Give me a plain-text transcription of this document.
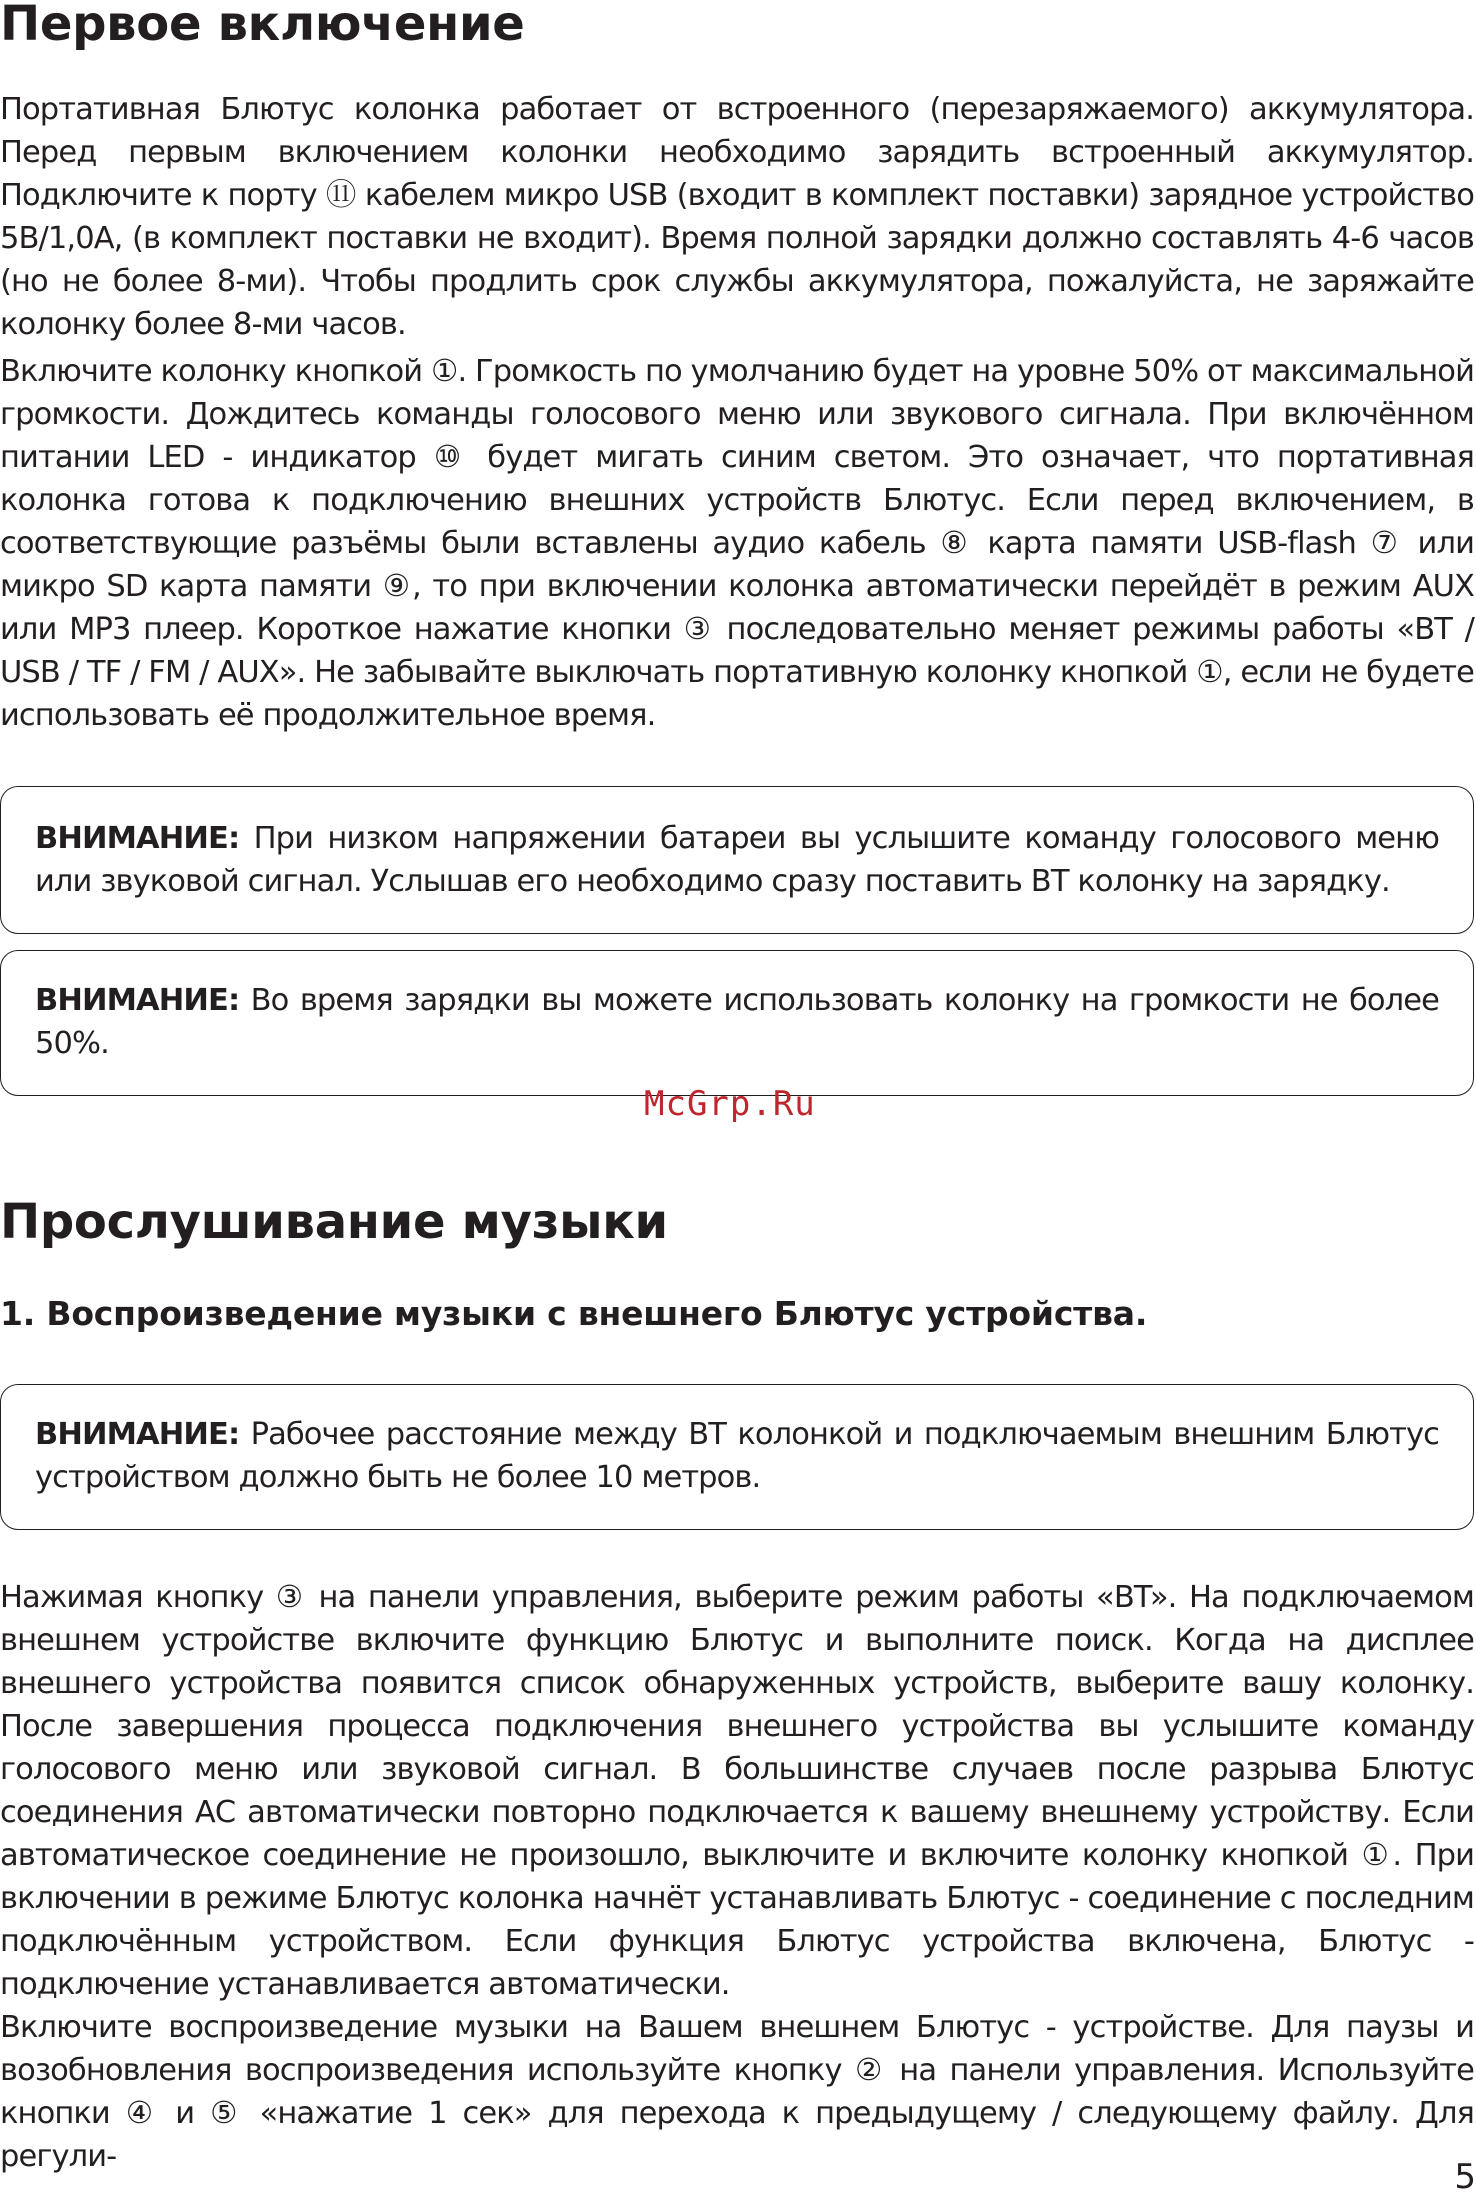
Первое включение

Портативная Блютус колонка работает от встроенного (перезаряжаемого) аккумулятора. Перед первым включением колонки необходимо зарядить встроенный аккумулятор. Подключите к порту ⑪ кабелем микро USB (входит в комплект поставки) зарядное устройство 5В/1,0А, (в комплект поставки не входит). Время полной зарядки должно составлять 4-6 часов (но не более 8-ми). Чтобы продлить срок службы аккумулятора, пожалуйста, не заряжайте колонку более 8-ми часов.

Включите колонку кнопкой ①. Громкость по умолчанию будет на уровне 50% от максимальной громкости. Дождитесь команды голосового меню или звукового сигнала. При включённом питании LED - индикатор ⑩ будет мигать синим светом. Это означает, что портативная колонка готова к подключению внешних устройств Блютус. Если перед включением, в соответствующие разъёмы были вставлены аудио кабель ⑧ карта памяти USB-flash ⑦ или микро SD карта памяти ⑨, то при включении колонка автоматически перейдёт в режим AUX или MP3 плеер. Короткое нажатие кнопки ③ последовательно меняет режимы работы «BT / USB / TF / FM / AUX». Не забывайте выключать портативную колонку кнопкой ①, если не будете использовать её продолжительное время.

ВНИМАНИЕ: При низком напряжении батареи вы услышите команду голосового меню или звуковой сигнал. Услышав его необходимо сразу поставить BT колонку на зарядку.

ВНИМАНИЕ: Во время зарядки вы можете использовать колонку на громкости не более 50%.

McGrp.Ru
Прослушивание музыки
1. Воспроизведение музыки с внешнего Блютус устройства.

ВНИМАНИЕ: Рабочее расстояние между BT колонкой и подключаемым внешним Блютус устройством должно быть не более 10 метров.

Нажимая кнопку ③ на панели управления, выберите режим работы «BT». На подключаемом внешнем устройстве включите функцию Блютус и выполните поиск. Когда на дисплее внешнего устройства появится список обнаруженных устройств, выберите вашу колонку. После завершения процесса подключения внешнего устройства вы услышите команду голосового меню или звуковой сигнал. В большинстве случаев после разрыва Блютус соединения АС автоматически повторно подключается к вашему внешнему устройству. Если автоматическое соединение не произошло, выключите и включите колонку кнопкой ①. При включении в режиме Блютус колонка начнёт устанавливать Блютус - соединение с последним подключённым устройством. Если функция Блютус устройства включена, Блютус - подключение устанавливается автоматически.

Включите воспроизведение музыки на Вашем внешнем Блютус - устройстве. Для паузы и возобновления воспроизведения используйте кнопку ② на панели управления. Используйте кнопки ④ и ⑤ «нажатие 1 сек» для перехода к предыдущему / следующему файлу. Для регули-

5
